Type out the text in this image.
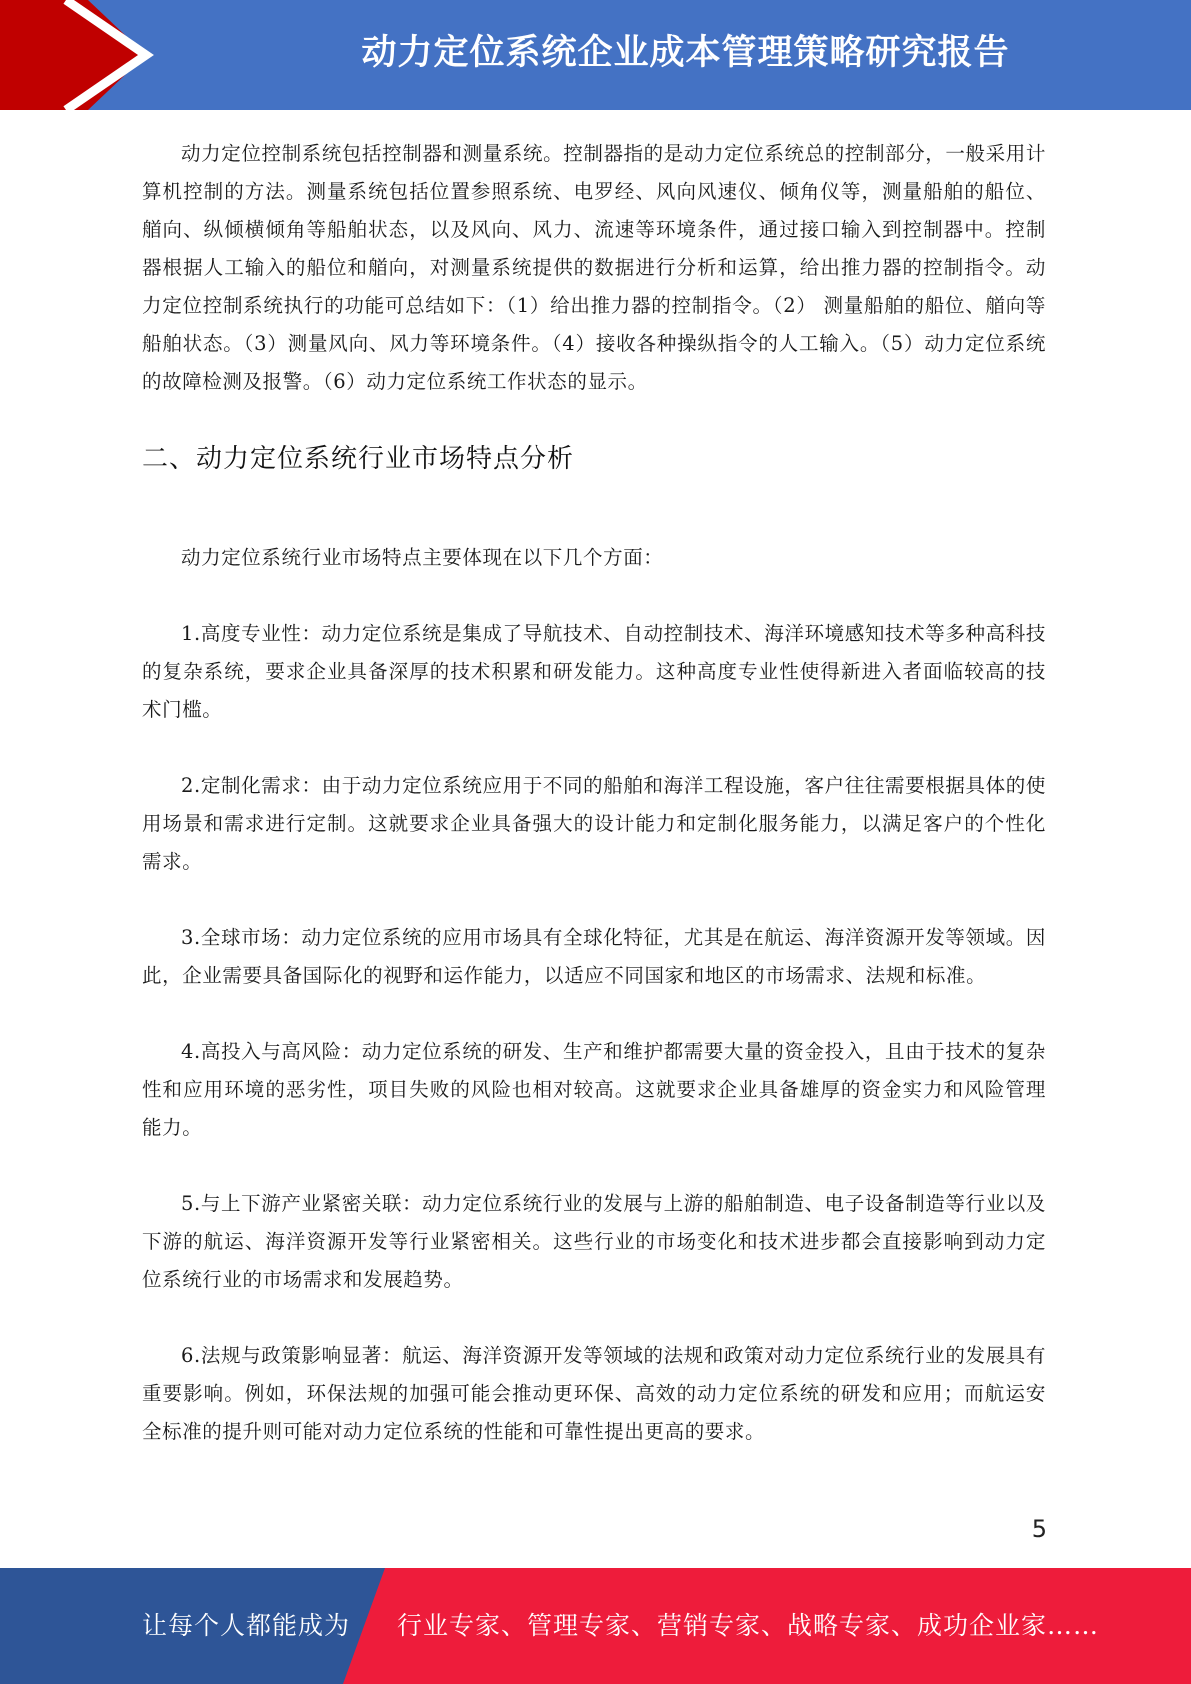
动力定位系统企业成本管理策略研究报告

动力定位控制系统包括控制器和测量系统。控制器指的是动力定位系统总的控制部分，一般采用计算机控制的方法。测量系统包括位置参照系统、电罗经、风向风速仪、倾角仪等，测量船舶的船位、艏向、纵倾横倾角等船舶状态，以及风向、风力、流速等环境条件，通过接口输入到控制器中。控制器根据人工输入的船位和艏向，对测量系统提供的数据进行分析和运算，给出推力器的控制指令。动力定位控制系统执行的功能可总结如下：（1）给出推力器的控制指令。（2） 测量船舶的船位、艏向等船舶状态。（3）测量风向、风力等环境条件。（4）接收各种操纵指令的人工输入。（5）动力定位系统的故障检测及报警。（6）动力定位系统工作状态的显示。

二、动力定位系统行业市场特点分析

动力定位系统行业市场特点主要体现在以下几个方面：

1.高度专业性：动力定位系统是集成了导航技术、自动控制技术、海洋环境感知技术等多种高科技的复杂系统，要求企业具备深厚的技术积累和研发能力。这种高度专业性使得新进入者面临较高的技术门槛。

2.定制化需求：由于动力定位系统应用于不同的船舶和海洋工程设施，客户往往需要根据具体的使用场景和需求进行定制。这就要求企业具备强大的设计能力和定制化服务能力，以满足客户的个性化需求。

3.全球市场：动力定位系统的应用市场具有全球化特征，尤其是在航运、海洋资源开发等领域。因此，企业需要具备国际化的视野和运作能力，以适应不同国家和地区的市场需求、法规和标准。

4.高投入与高风险：动力定位系统的研发、生产和维护都需要大量的资金投入，且由于技术的复杂性和应用环境的恶劣性，项目失败的风险也相对较高。这就要求企业具备雄厚的资金实力和风险管理能力。

5.与上下游产业紧密关联：动力定位系统行业的发展与上游的船舶制造、电子设备制造等行业以及下游的航运、海洋资源开发等行业紧密相关。这些行业的市场变化和技术进步都会直接影响到动力定位系统行业的市场需求和发展趋势。

6.法规与政策影响显著：航运、海洋资源开发等领域的法规和政策对动力定位系统行业的发展具有重要影响。例如，环保法规的加强可能会推动更环保、高效的动力定位系统的研发和应用；而航运安全标准的提升则可能对动力定位系统的性能和可靠性提出更高的要求。

5
让每个人都能成为 行业专家、管理专家、营销专家、战略专家、成功企业家……
